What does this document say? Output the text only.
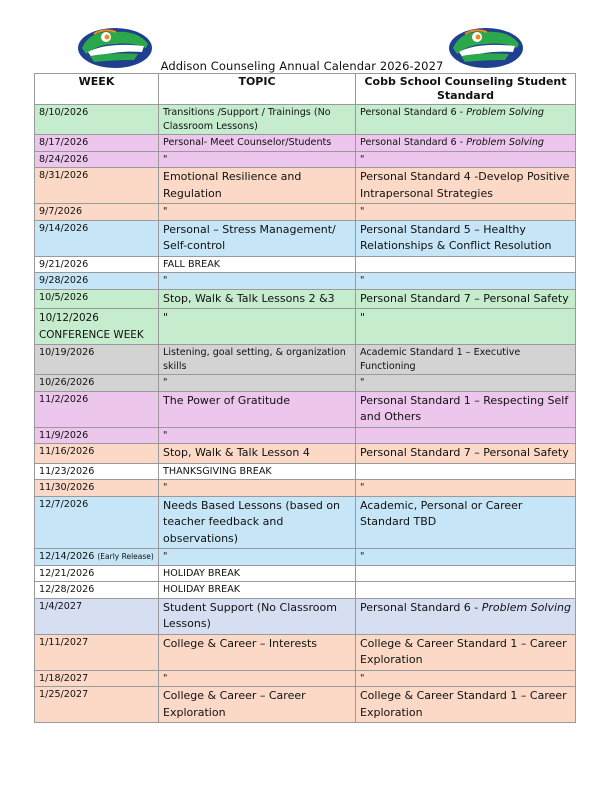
Addison Counseling Annual Calendar 2026-2027
WEEK	TOPIC	Cobb School Counseling Student Standard
8/10/2026	Transitions /Support / Trainings (No Classroom Lessons)	Personal Standard 6 - Problem Solving
8/17/2026	Personal- Meet Counselor/Students	Personal Standard 6 - Problem Solving
8/24/2026	"	"
8/31/2026	Emotional Resilience and Regulation	Personal Standard 4 -Develop Positive Intrapersonal Strategies
9/7/2026	"	"
9/14/2026	Personal – Stress Management/ Self-control	Personal Standard 5 – Healthy Relationships & Conflict Resolution
9/21/2026	FALL BREAK	
9/28/2026	"	"
10/5/2026	Stop, Walk & Talk Lessons 2 &3	Personal Standard 7 – Personal Safety
10/12/2026 CONFERENCE WEEK	"	"
10/19/2026	Listening, goal setting, & organization skills	Academic Standard 1 – Executive Functioning
10/26/2026	"	"
11/2/2026	The Power of Gratitude	Personal Standard 1 – Respecting Self and Others
11/9/2026	"	
11/16/2026	Stop, Walk & Talk Lesson 4	Personal Standard 7 – Personal Safety
11/23/2026	THANKSGIVING BREAK	
11/30/2026	"	"
12/7/2026	Needs Based Lessons (based on teacher feedback and observations)	Academic, Personal or Career Standard TBD
12/14/2026 (Early Release)	"	"
12/21/2026	HOLIDAY BREAK	
12/28/2026	HOLIDAY BREAK	
1/4/2027	Student Support (No Classroom Lessons)	Personal Standard 6 - Problem Solving
1/11/2027	College & Career – Interests	College & Career Standard 1 – Career Exploration
1/18/2027	"	"
1/25/2027	College & Career – Career Exploration	College & Career Standard 1 – Career Exploration
